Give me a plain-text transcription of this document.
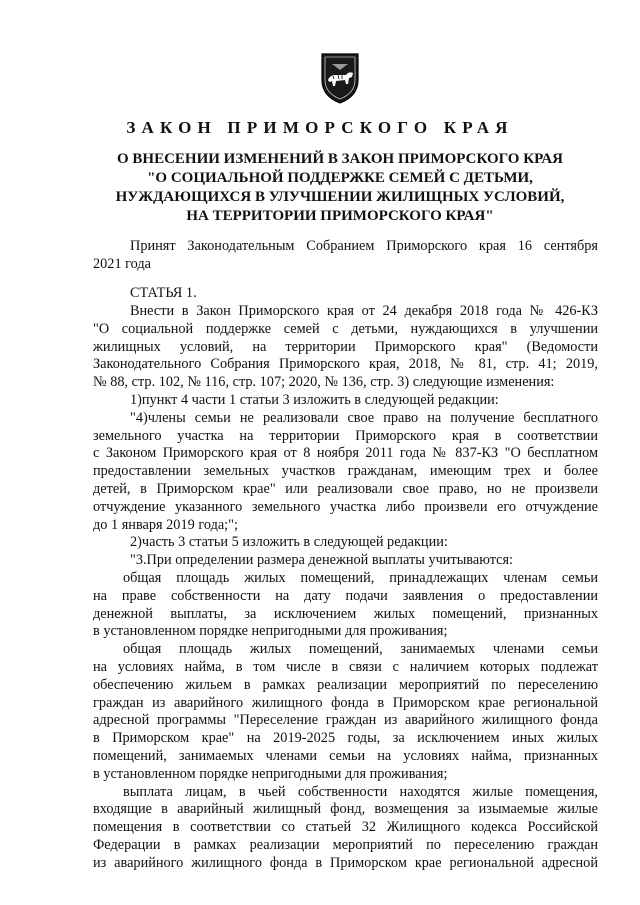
ЗАКОН ПРИМОРСКОГО КРАЯ
О ВНЕСЕНИИ ИЗМЕНЕНИЙ В ЗАКОН ПРИМОРСКОГО КРАЯ
"О СОЦИАЛЬНОЙ ПОДДЕРЖКЕ СЕМЕЙ С ДЕТЬМИ,
НУЖДАЮЩИХСЯ В УЛУЧШЕНИИ ЖИЛИЩНЫХ УСЛОВИЙ,
НА ТЕРРИТОРИИ ПРИМОРСКОГО КРАЯ"
Принят Законодательным Собранием Приморского края 16 сентября
2021 года
СТАТЬЯ 1.
Внести в Закон Приморского края от 24 декабря 2018 года № 426-КЗ
"О социальной поддержке семей с детьми, нуждающихся в улучшении
жилищных условий, на территории Приморского края" (Ведомости
Законодательного Собрания Приморского края, 2018, № 81, стр. 41; 2019,
№ 88, стр. 102, № 116, стр. 107; 2020, № 136, стр. 3) следующие изменения:
1)пункт 4 части 1 статьи 3 изложить в следующей редакции:
"4)члены семьи не реализовали свое право на получение бесплатного
земельного участка на территории Приморского края в соответствии
с Законом Приморского края от 8 ноября 2011 года № 837-КЗ "О бесплатном
предоставлении земельных участков гражданам, имеющим трех и более
детей, в Приморском крае" или реализовали свое право, но не произвели
отчуждение указанного земельного участка либо произвели его отчуждение
до 1 января 2019 года;";
2)часть 3 статьи 5 изложить в следующей редакции:
"3.При определении размера денежной выплаты учитываются:
общая площадь жилых помещений, принадлежащих членам семьи
на праве собственности на дату подачи заявления о предоставлении
денежной выплаты, за исключением жилых помещений, признанных
в установленном порядке непригодными для проживания;
общая площадь жилых помещений, занимаемых членами семьи
на условиях найма, в том числе в связи с наличием которых подлежат
обеспечению жильем в рамках реализации мероприятий по переселению
граждан из аварийного жилищного фонда в Приморском крае региональной
адресной программы "Переселение граждан из аварийного жилищного фонда
в Приморском крае" на 2019-2025 годы, за исключением иных жилых
помещений, занимаемых членами семьи на условиях найма, признанных
в установленном порядке непригодными для проживания;
выплата лицам, в чьей собственности находятся жилые помещения,
входящие в аварийный жилищный фонд, возмещения за изымаемые жилые
помещения в соответствии со статьей 32 Жилищного кодекса Российской
Федерации в рамках реализации мероприятий по переселению граждан
из аварийного жилищного фонда в Приморском крае региональной адресной
